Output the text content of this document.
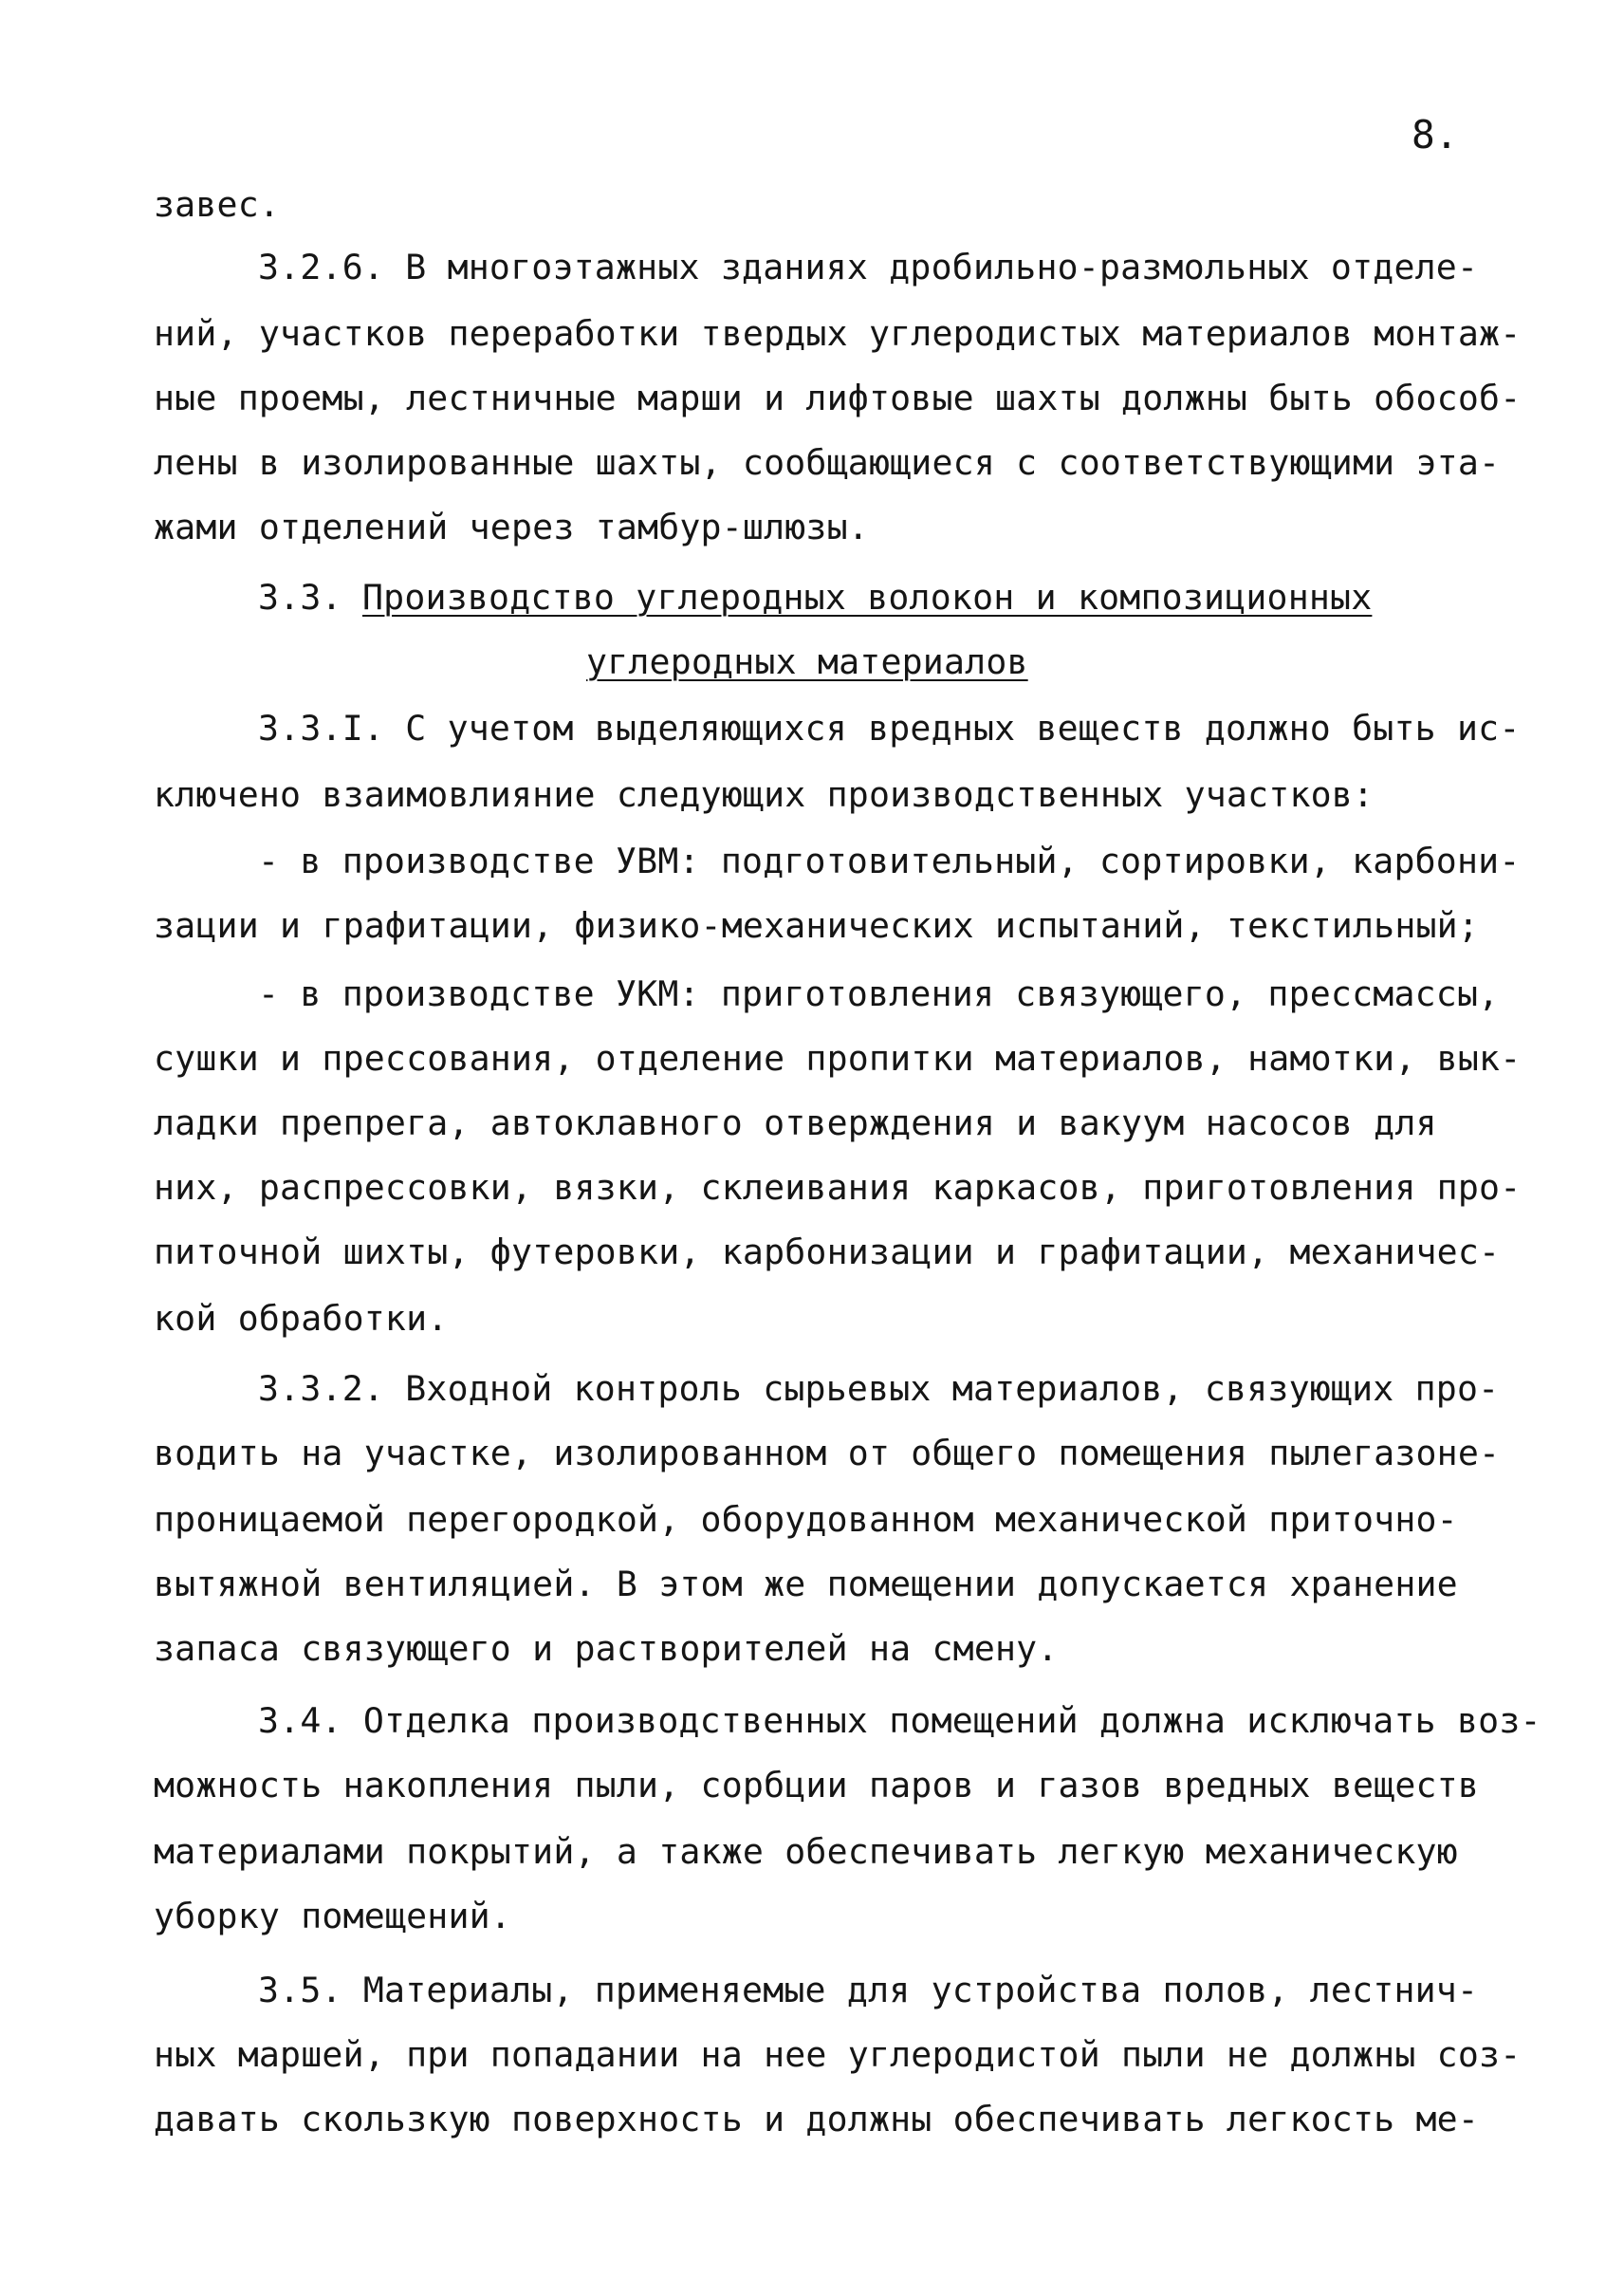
8.
завес.
3.2.6. В многоэтажных зданиях дробильно-размольных отделе-
ний, участков переработки твердых углеродистых материалов монтаж-
ные проемы, лестничные марши и лифтовые шахты должны быть обособ-
лены в изолированные шахты, сообщающиеся с соответствующими эта-
жами отделений через тамбур-шлюзы.
3.3. Производство углеродных волокон и композиционных
углеродных материалов
3.3.I. С учетом выделяющихся вредных веществ должно быть ис-
ключено взаимовлияние следующих производственных участков:
- в производстве УВМ: подготовительный, сортировки, карбони-
зации и графитации, физико-механических испытаний, текстильный;
- в производстве УКМ: приготовления связующего, прессмассы,
сушки и прессования, отделение пропитки материалов, намотки, вык-
ладки препрега, автоклавного отверждения и вакуум насосов для
них, распрессовки, вязки, склеивания каркасов, приготовления про-
питочной шихты, футеровки, карбонизации и графитации, механичес-
кой обработки.
3.3.2. Входной контроль сырьевых материалов, связующих про-
водить на участке, изолированном от общего помещения пылегазоне-
проницаемой перегородкой, оборудованном механической приточно-
вытяжной вентиляцией. В этом же помещении допускается хранение
запаса связующего и растворителей на смену.
3.4. Отделка производственных помещений должна исключать воз-
можность накопления пыли, сорбции паров и газов вредных веществ
материалами покрытий, а также обеспечивать легкую механическую
уборку помещений.
3.5. Материалы, применяемые для устройства полов, лестнич-
ных маршей, при попадании на нее углеродистой пыли не должны соз-
давать скользкую поверхность и должны обеспечивать легкость ме-
